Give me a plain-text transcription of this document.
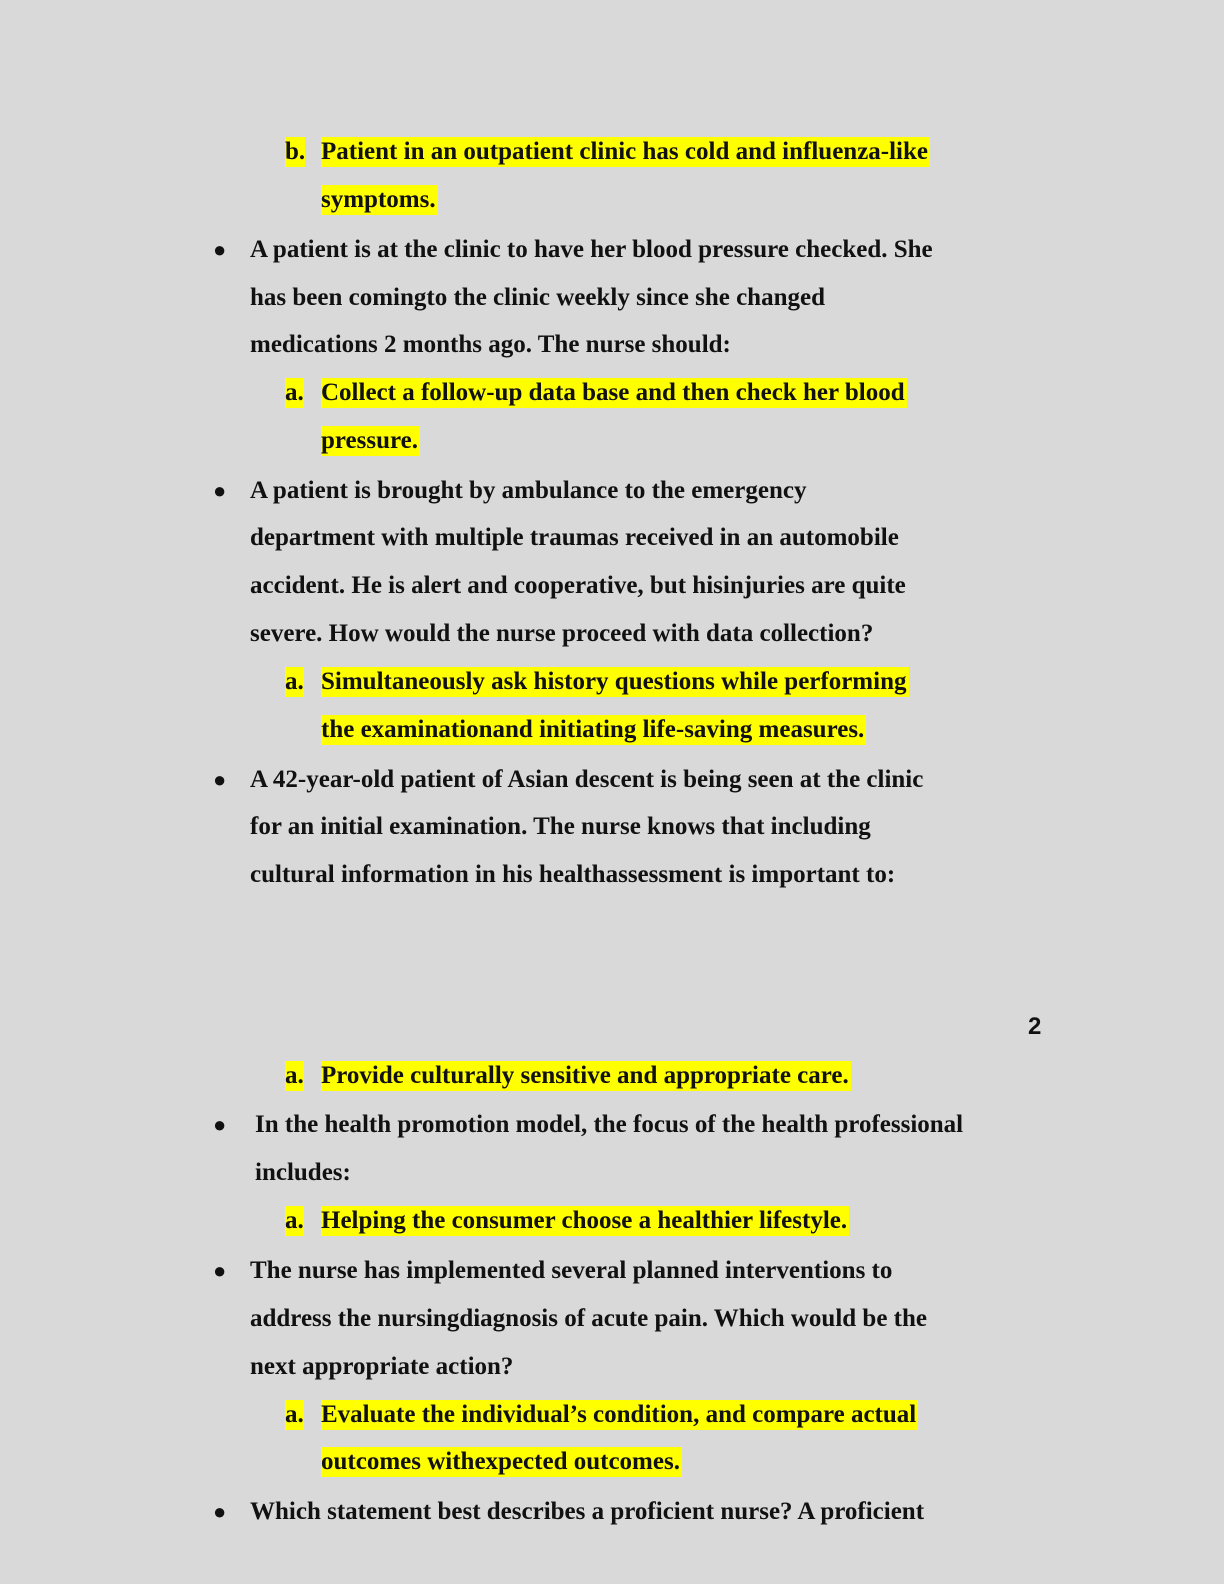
b. Patient in an outpatient clinic has cold and influenza-like
symptoms.
● A patient is at the clinic to have her blood pressure checked. She
has been comingto the clinic weekly since she changed
medications 2 months ago. The nurse should:
a. Collect a follow-up data base and then check her blood
pressure.
● A patient is brought by ambulance to the emergency
department with multiple traumas received in an automobile
accident. He is alert and cooperative, but hisinjuries are quite
severe. How would the nurse proceed with data collection?
a. Simultaneously ask history questions while performing
the examinationand initiating life-saving measures.
● A 42-year-old patient of Asian descent is being seen at the clinic
for an initial examination. The nurse knows that including
cultural information in his healthassessment is important to:
2
a. Provide culturally sensitive and appropriate care.
● In the health promotion model, the focus of the health professional
includes:
a. Helping the consumer choose a healthier lifestyle.
● The nurse has implemented several planned interventions to
address the nursingdiagnosis of acute pain. Which would be the
next appropriate action?
a. Evaluate the individual’s condition, and compare actual
outcomes withexpected outcomes.
● Which statement best describes a proficient nurse? A proficient
